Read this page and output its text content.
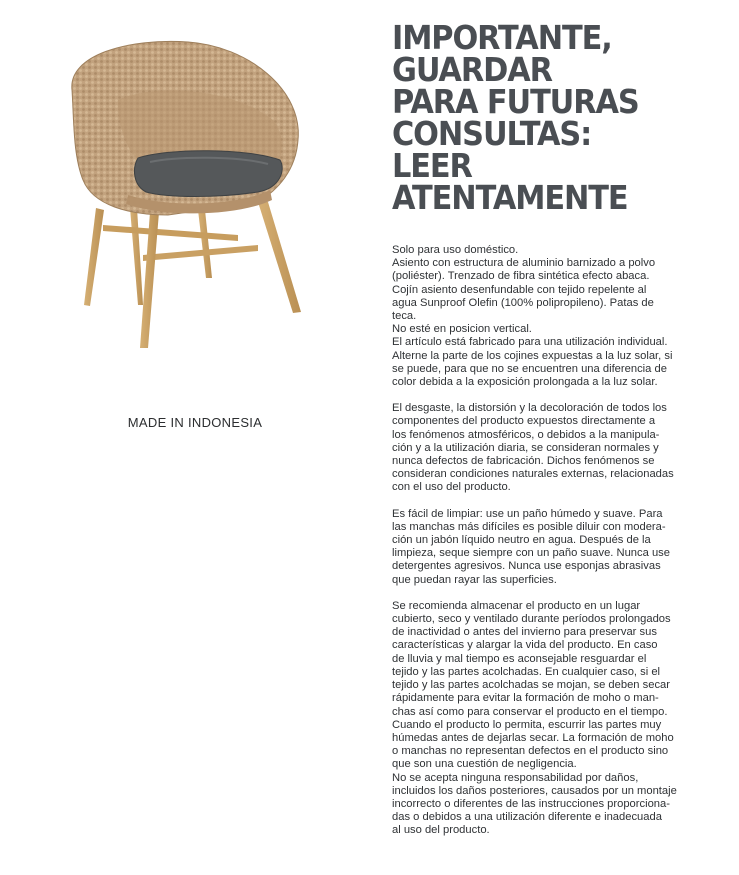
MADE IN INDONESIA
IMPORTANTE,
GUARDAR
PARA FUTURAS
CONSULTAS:
LEER
ATENTAMENTE

Solo para uso doméstico.
Asiento con estructura de aluminio barnizado a polvo
(poliéster). Trenzado de fibra sintética efecto abaca.
Cojín asiento desenfundable con tejido repelente al
agua Sunproof Olefin (100% polipropileno). Patas de
teca.
No esté en posicion vertical.
El artículo está fabricado para una utilización individual.
Alterne la parte de los cojines expuestas a la luz solar, si
se puede, para que no se encuentren una diferencia de
color debida a la exposición prolongada a la luz solar.

El desgaste, la distorsión y la decoloración de todos los
componentes del producto expuestos directamente a
los fenómenos atmosféricos, o debidos a la manipula-
ción y a la utilización diaria, se consideran normales y
nunca defectos de fabricación. Dichos fenómenos se
consideran condiciones naturales externas, relacionadas
con el uso del producto.

Es fácil de limpiar: use un paño húmedo y suave. Para
las manchas más difíciles es posible diluir con modera-
ción un jabón líquido neutro en agua. Después de la
limpieza, seque siempre con un paño suave. Nunca use
detergentes agresivos. Nunca use esponjas abrasivas
que puedan rayar las superficies.

Se recomienda almacenar el producto en un lugar
cubierto, seco y ventilado durante períodos prolongados
de inactividad o antes del invierno para preservar sus
características y alargar la vida del producto. En caso
de lluvia y mal tiempo es aconsejable resguardar el
tejido y las partes acolchadas. En cualquier caso, si el
tejido y las partes acolchadas se mojan, se deben secar
rápidamente para evitar la formación de moho o man-
chas así como para conservar el producto en el tiempo.
Cuando el producto lo permita, escurrir las partes muy
húmedas antes de dejarlas secar. La formación de moho
o manchas no representan defectos en el producto sino
que son una cuestión de negligencia.
No se acepta ninguna responsabilidad por daños,
incluidos los daños posteriores, causados por un montaje
incorrecto o diferentes de las instrucciones proporciona-
das o debidos a una utilización diferente e inadecuada
al uso del producto.
